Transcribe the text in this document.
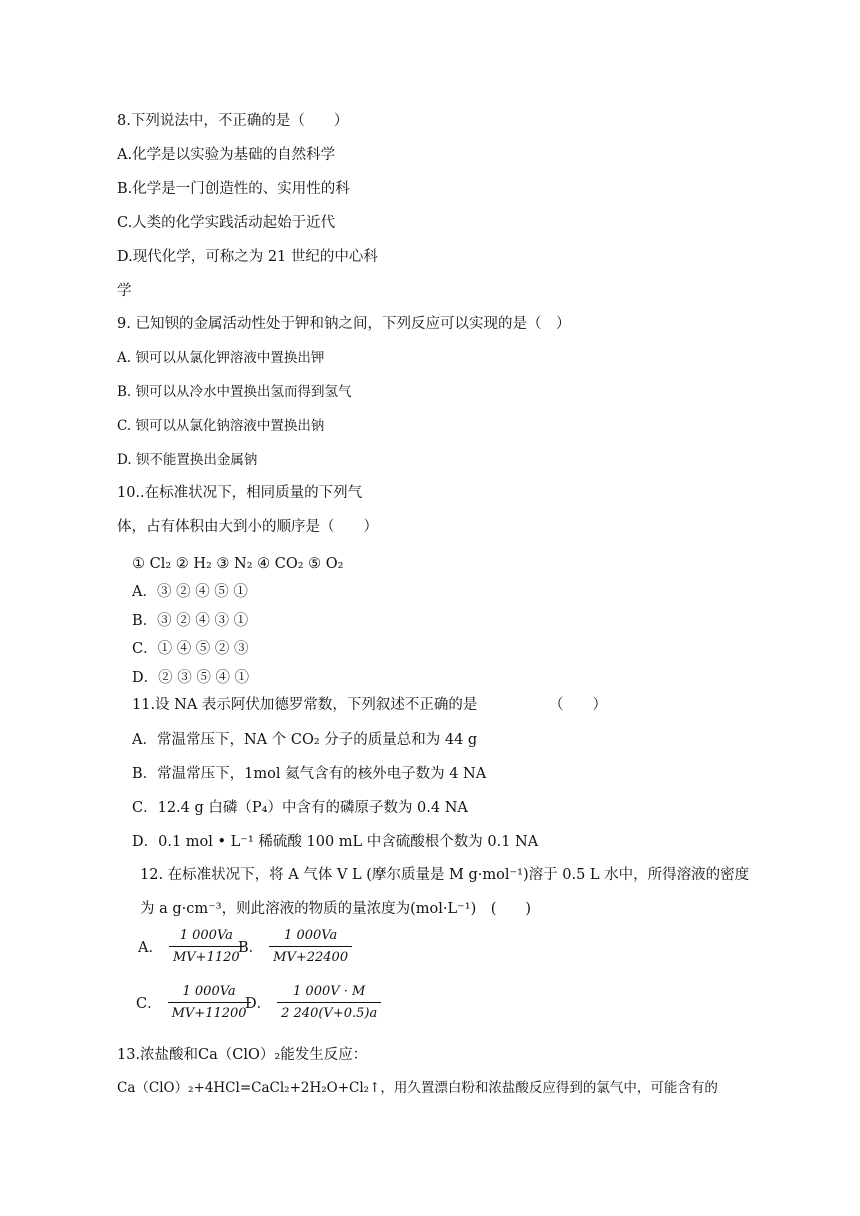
8.下列说法中，不正确的是（　　）
A.化学是以实验为基础的自然科学
B.化学是一门创造性的、实用性的科
C.人类的化学实践活动起始于近代
D.现代化学，可称之为 21 世纪的中心科
学
9. 已知钡的金属活动性处于钾和钠之间，下列反应可以实现的是（　）
A. 钡可以从氯化钾溶液中置换出钾
B. 钡可以从冷水中置换出氢而得到氢气
C. 钡可以从氯化钠溶液中置换出钠
D. 钡不能置换出金属钠
10..在标准状况下，相同质量的下列气
体，占有体积由大到小的顺序是（　　）
① Cl₂ ② H₂ ③ N₂ ④ CO₂ ⑤ O₂
A．③ ② ④ ⑤ ①
B．③ ② ④ ③ ①
C．① ④ ⑤ ② ③
D．② ③ ⑤ ④ ①
11.设 NA 表示阿伏加德罗常数，下列叙述不正确的是	（　　）
A．常温常压下，NA 个 CO₂ 分子的质量总和为 44 g
B．常温常压下，1mol 氦气含有的核外电子数为 4 NA
C．12.4 g 白磷（P₄）中含有的磷原子数为 0.4 NA
D．0.1 mol • L⁻¹ 稀硫酸 100 mL 中含硫酸根个数为 0.1 NA
12. 在标准状况下，将 A 气体 V L (摩尔质量是 M g·mol⁻¹)溶于 0.5 L 水中，所得溶液的密度
为 a g·cm⁻³，则此溶液的物质的量浓度为(mol·L⁻¹)　(　　)
A． $\frac{1 000Va}{MV+1120}$
B． $\frac{1 000Va}{MV+22400}$
C． $\frac{1 000Va}{MV+11200}$
D． $\frac{1 000V \cdot M}{2 240(V+0.5)a}$
13.浓盐酸和Ca（ClO）₂能发生反应：
Ca（ClO）₂+4HCl=CaCl₂+2H₂O+Cl₂↑，用久置漂白粉和浓盐酸反应得到的氯气中，可能含有的
